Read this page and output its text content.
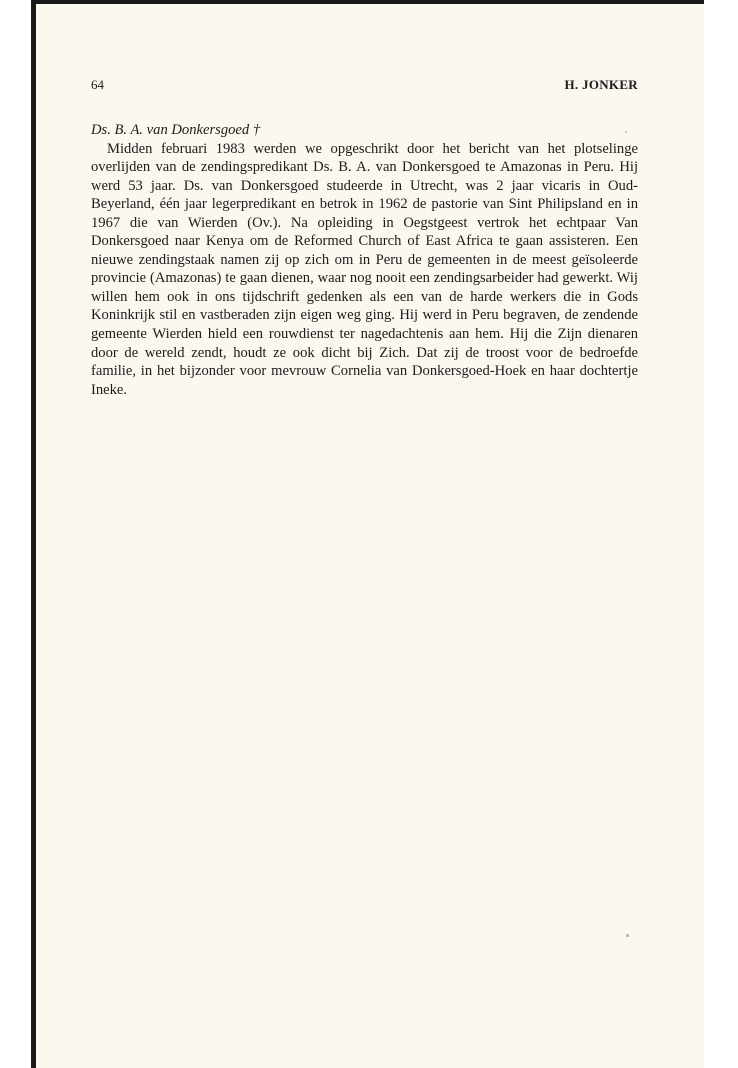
64	H. JONKER
Ds. B. A. van Donkersgoed †

Midden februari 1983 werden we opgeschrikt door het bericht van het plotselinge overlijden van de zendingspredikant Ds. B. A. van Donkersgoed te Amazonas in Peru. Hij werd 53 jaar. Ds. van Donkersgoed studeerde in Utrecht, was 2 jaar vicaris in Oud-Beyerland, één jaar legerpredikant en betrok in 1962 de pastorie van Sint Philipsland en in 1967 die van Wierden (Ov.). Na opleiding in Oegstgeest vertrok het echtpaar Van Donkersgoed naar Kenya om de Reformed Church of East Africa te gaan assisteren. Een nieuwe zendingstaak namen zij op zich om in Peru de gemeenten in de meest geïsoleerde provincie (Amazonas) te gaan dienen, waar nog nooit een zendingsarbeider had gewerkt. Wij willen hem ook in ons tijdschrift gedenken als een van de harde werkers die in Gods Koninkrijk stil en vastberaden zijn eigen weg ging. Hij werd in Peru begraven, de zendende gemeente Wierden hield een rouwdienst ter nagedachtenis aan hem. Hij die Zijn dienaren door de wereld zendt, houdt ze ook dicht bij Zich. Dat zij de troost voor de bedroefde familie, in het bijzonder voor mevrouw Cornelia van Donkersgoed-Hoek en haar dochtertje Ineke.
